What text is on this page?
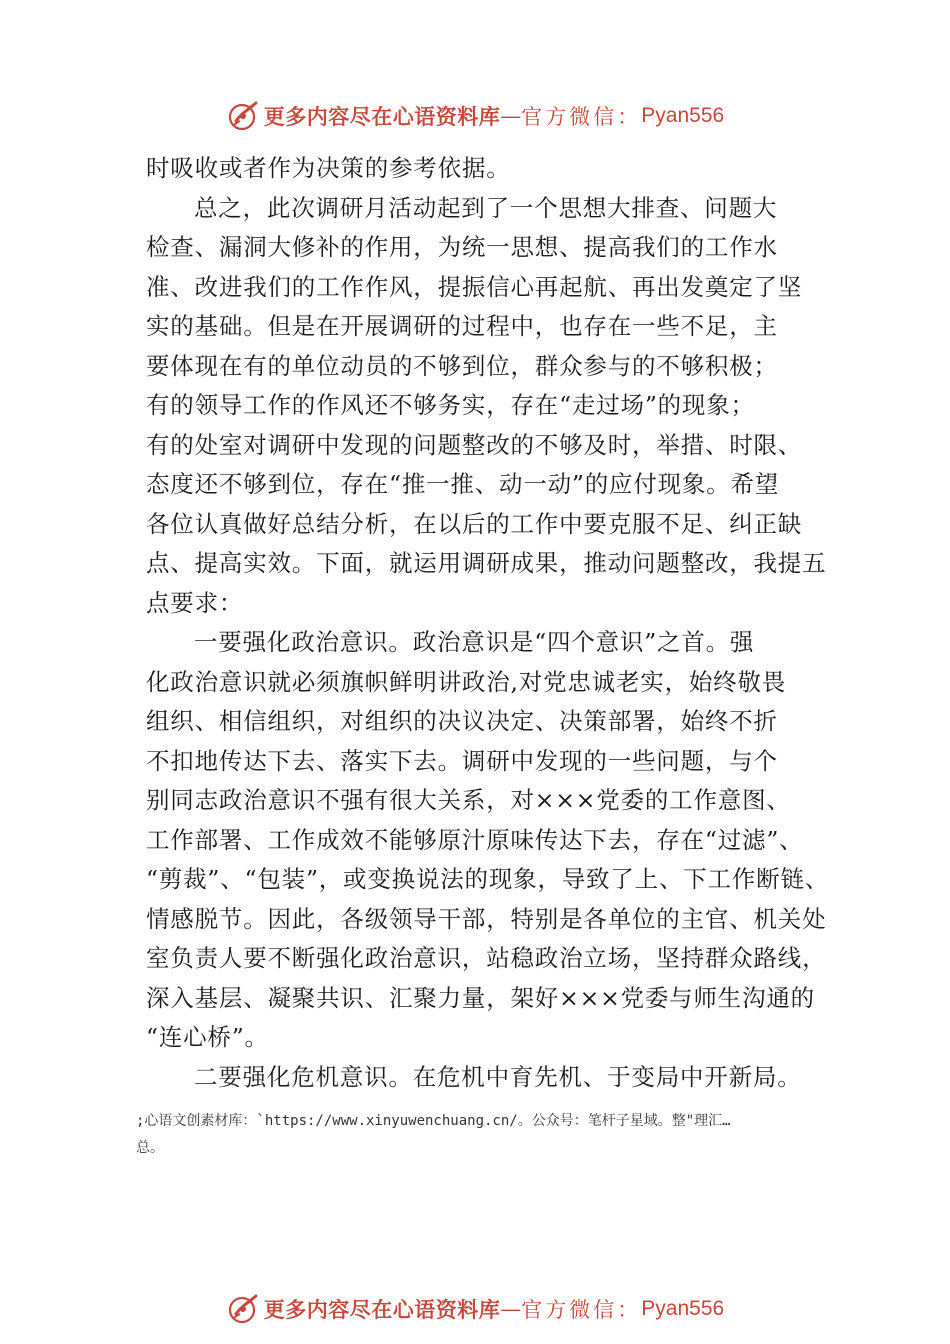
更多内容尽在心语资料库 — 官方微信： Pyan556
时吸收或者作为决策的参考依据。
总之，此次调研月活动起到了一个思想大排查、问题大
检查、漏洞大修补的作用，为统一思想、提高我们的工作水
准、改进我们的工作作风，提振信心再起航、再出发奠定了坚
实的基础。但是在开展调研的过程中，也存在一些不足，主
要体现在有的单位动员的不够到位，群众参与的不够积极；
有的领导工作的作风还不够务实，存在“走过场”的现象；
有的处室对调研中发现的问题整改的不够及时，举措、时限、
态度还不够到位，存在“推一推、动一动”的应付现象。希望
各位认真做好总结分析，在以后的工作中要克服不足、纠正缺
点、提高实效。下面，就运用调研成果，推动问题整改，我提五
点要求：
一要强化政治意识。政治意识是“四个意识”之首。强
化政治意识就必须旗帜鲜明讲政治,对党忠诚老实，始终敬畏
组织、相信组织，对组织的决议决定、决策部署，始终不折
不扣地传达下去、落实下去。调研中发现的一些问题，与个
别同志政治意识不强有很大关系，对×××党委的工作意图、
工作部署、工作成效不能够原汁原味传达下去，存在“过滤”、
“剪裁”、“包装”，或变换说法的现象，导致了上、下工作断链、
情感脱节。因此，各级领导干部，特别是各单位的主官、机关处
室负责人要不断强化政治意识，站稳政治立场，坚持群众路线，
深入基层、凝聚共识、汇聚力量，架好×××党委与师生沟通的
“连心桥”。
二要强化危机意识。在危机中育先机、于变局中开新局。
;心语文创素材库：`https://www.xinyuwenchuang.cn/。公众号：笔杆子星域。整"理汇…
总。
更多内容尽在心语资料库 — 官方微信： Pyan556
